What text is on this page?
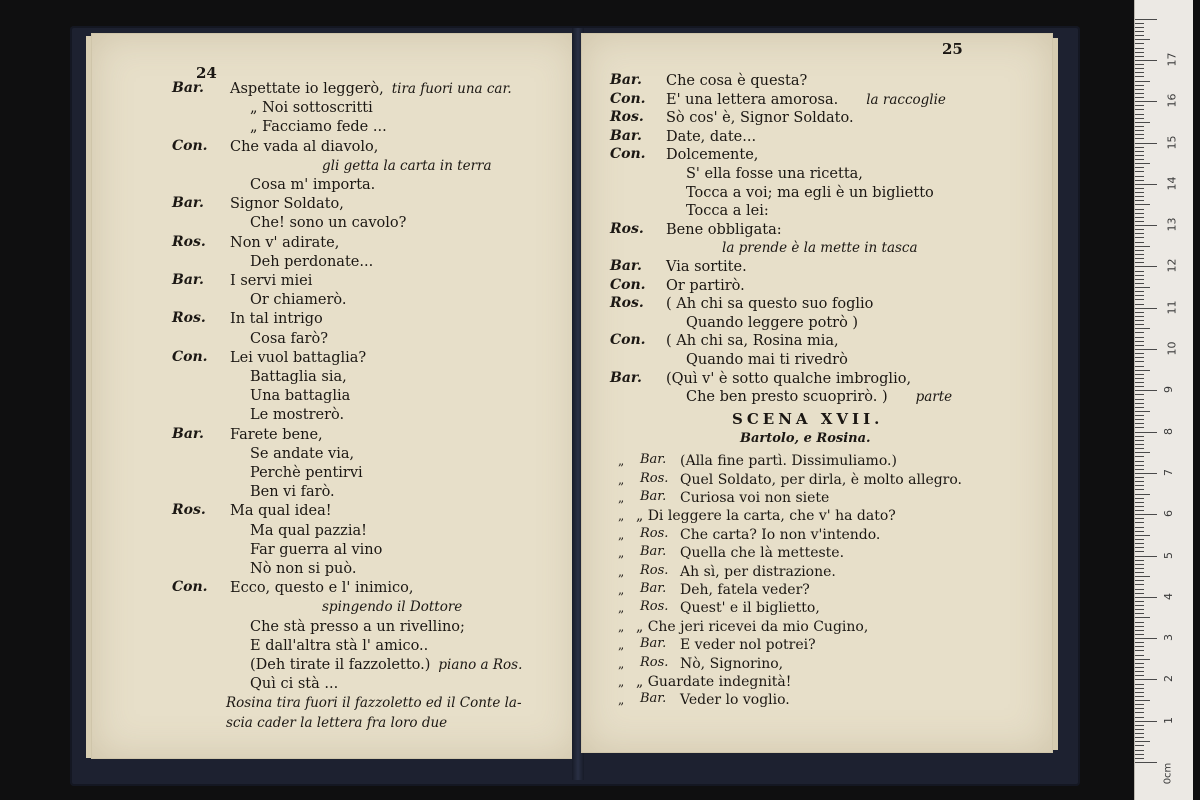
24
Bar. Aspettate io leggerò, tira fuori una car.
„ Noi sottoscritti
„ Facciamo fede ...
Con. Che vada al diavolo,
gli getta la carta in terra
Cosa m' importa.
Bar. Signor Soldato,
Che! sono un cavolo?
Ros. Non v' adirate,
Deh perdonate...
Bar. I servi miei
Or chiamerò.
Ros. In tal intrigo
Cosa farò?
Con. Lei vuol battaglia?
Battaglia sia,
Una battaglia
Le mostrerò.
Bar. Farete bene,
Se andate via,
Perchè pentirvi
Ben vi farò.
Ros. Ma qual idea!
Ma qual pazzia!
Far guerra al vino
Nò non si può.
Con. Ecco, questo e l' inimico,
spingendo il Dottore
Che stà presso a un rivellino;
E dall'altra stà l' amico..
(Deh tirate il fazzoletto.) piano a Ros.
Quì ci stà ...
Rosina tira fuori il fazzoletto ed il Conte la-
scia cader la lettera fra loro due
25
Bar. Che cosa è questa?
Con. E' una lettera amorosa. la raccoglie
Ros. Sò cos' è, Signor Soldato.
Bar. Date, date...
Con. Dolcemente,
S' ella fosse una ricetta,
Tocca a voi; ma egli è un biglietto
Tocca a lei:
Ros. Bene obbligata:
la prende è la mette in tasca
Bar. Via sortite.
Con. Or partirò.
Ros. ( Ah chi sa questo suo foglio
Quando leggere potrò )
Con. ( Ah chi sa, Rosina mia,
Quando mai ti rivedrò
Bar. (Quì v' è sotto qualche imbroglio,
Che ben presto scuoprirò. ) parte
SCENA XVII.
Bartolo, e Rosina.
„ Bar. (Alla fine partì. Dissimuliamo.)
„ Ros. Quel Soldato, per dirla, è molto allegro.
„ Bar. Curiosa voi non siete
„ „ Di leggere la carta, che v' ha dato?
„ Ros. Che carta? Io non v'intendo.
„ Bar. Quella che là metteste.
„ Ros. Ah sì, per distrazione.
„ Bar. Deh, fatela veder?
„ Ros. Quest' e il biglietto,
„ „ Che jeri ricevei da mio Cugino,
„ Bar. E veder nol potrei?
„ Ros. Nò, Signorino,
„ „ Guardate indegnità!
„ Bar. Veder lo voglio.
0cm
1
2
3
4
5
6
7
8
9
10
11
12
13
14
15
16
17
